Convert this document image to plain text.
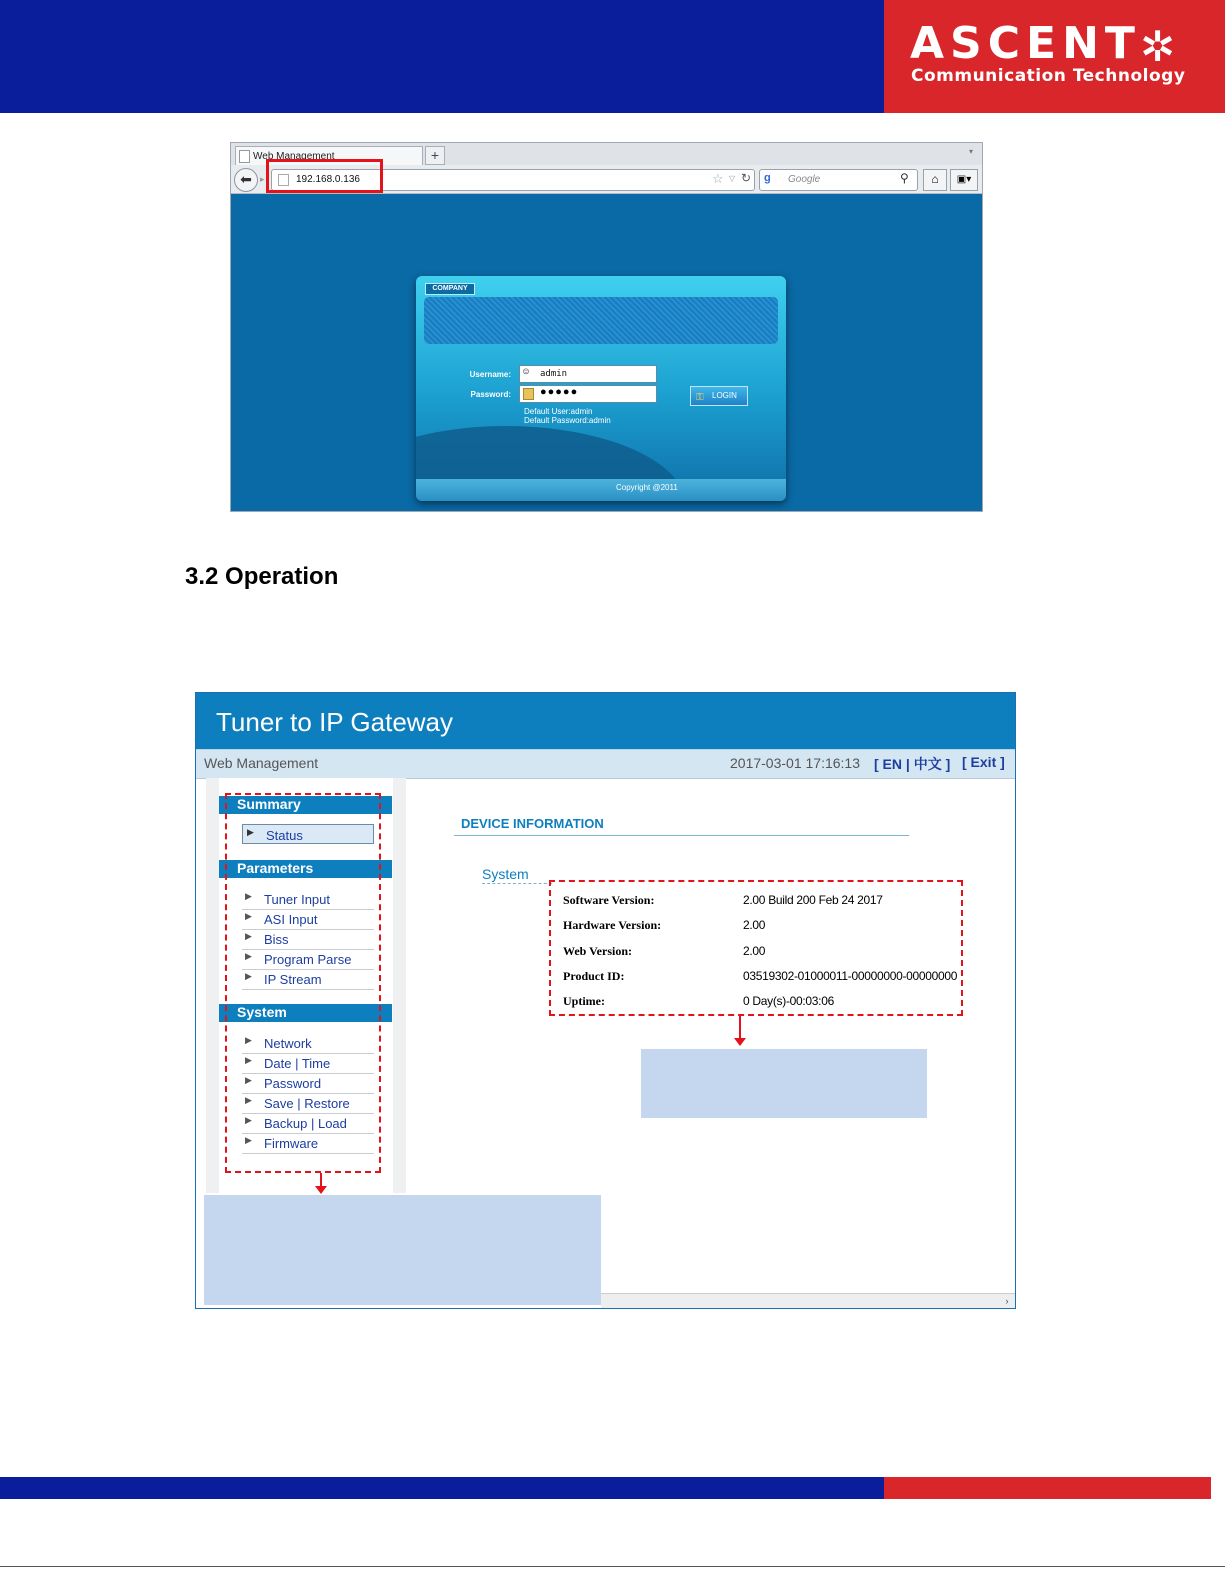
ASCENT ✲
Communication Technology
Web Management	+	▾
⬅ ▸	192.168.0.136	☆ ▽ ↻ g	Google	⚲	⌂	▣▾
COMPANY
Username:
Password:
☺ admin
●●●●●
Default User:admin
Default Password:admin
⚿ LOGIN
Copyright @2011
3.2 Operation
Tuner to IP Gateway
Web Management	2017-03-01 17:16:13 [ EN | 中文 ] [ Exit ]
Summary
▶ Status
Parameters
▶ Tuner Input
▶ ASI Input
▶ Biss
▶ Program Parse
▶ IP Stream
System
▶ Network
▶ Date | Time
▶ Password
▶ Save | Restore
▶ Backup | Load
▶ Firmware
DEVICE INFORMATION
System
Software Version:	2.00 Build 200 Feb 24 2017
Hardware Version:	2.00
Web Version:	2.00
Product ID:	03519302-01000011-00000000-00000000
Uptime:	0 Day(s)-00:03:06
›
